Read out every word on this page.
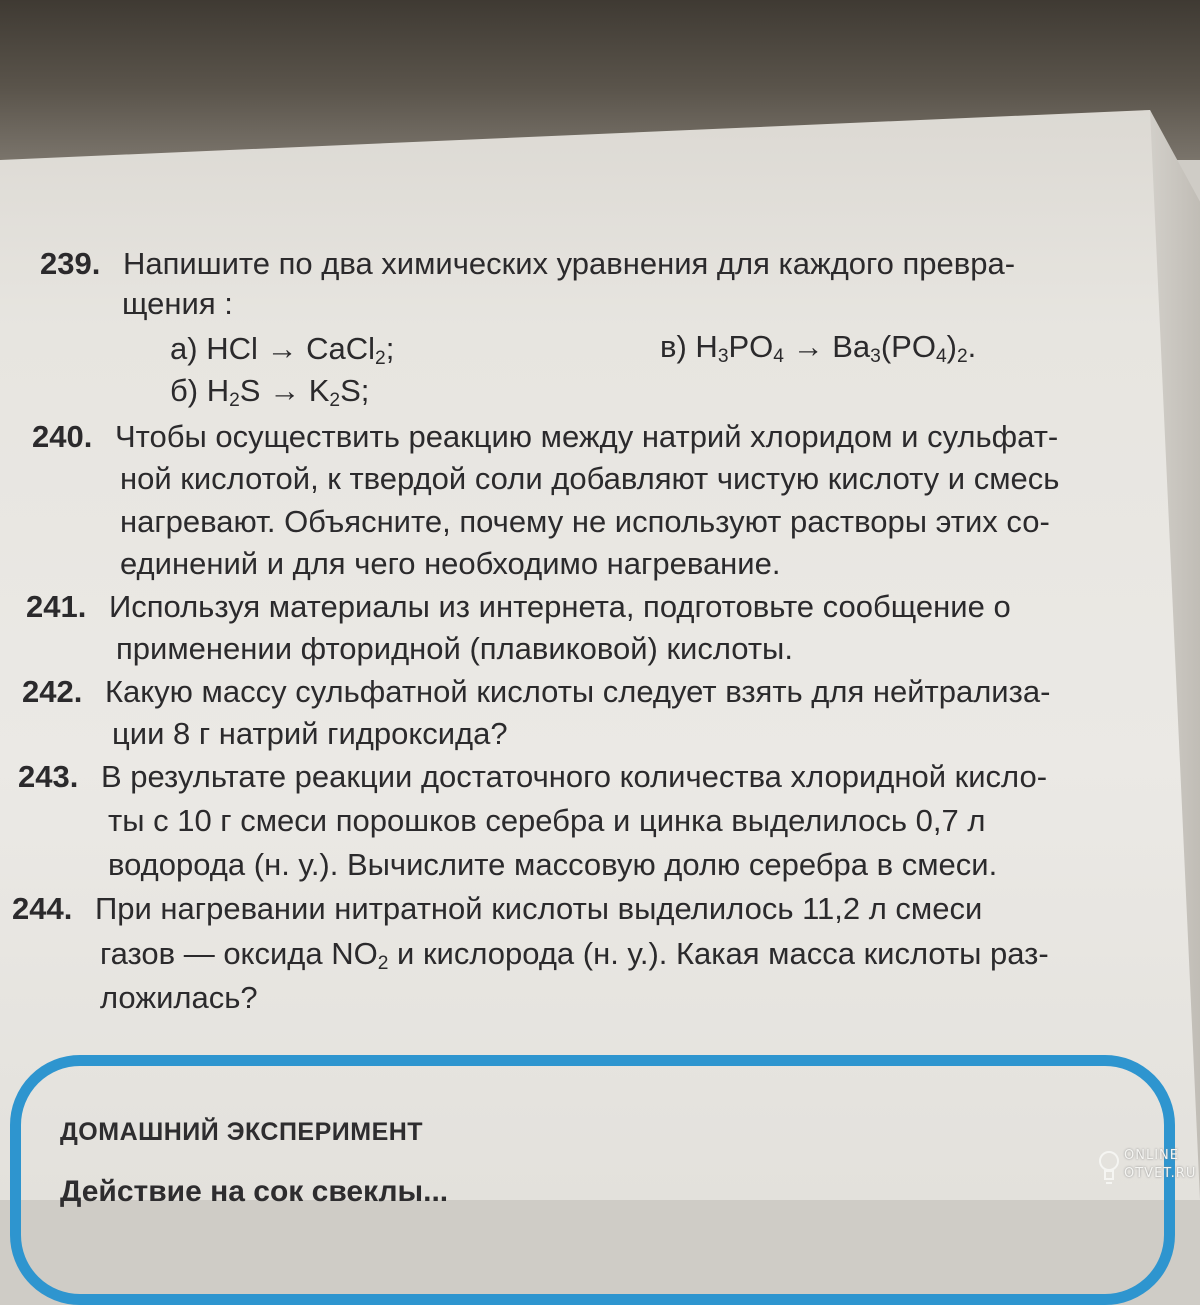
239. Напишите по два химических уравнения для каждого превра-
щения :
а) HCl → CaCl$_2$;	в) $H_3PO_4 \to Ba_3(PO_4)_2$.
б) $H_2S \to K_2S$;
240. Чтобы осуществить реакцию между натрий хлоридом и сульфат-
ной кислотой, к твердой соли добавляют чистую кислоту и смесь
нагревают. Объясните, почему не используют растворы этих со-
единений и для чего необходимо нагревание.
241. Используя материалы из интернета, подготовьте сообщение о
применении фторидной (плавиковой) кислоты.
242. Какую массу сульфатной кислоты следует взять для нейтрализа-
ции 8 г натрий гидроксида?
243. В результате реакции достаточного количества хлоридной кисло-
ты с 10 г смеси порошков серебра и цинка выделилось 0,7 л
водорода (н. у.). Вычислите массовую долю серебра в смеси.
244. При нагревании нитратной кислоты выделилось 11,2 л смеси
газов — оксида $NO_2$ и кислорода (н. у.). Какая масса кислоты раз-
ложилась?
ДОМАШНИЙ ЭКСПЕРИМЕНТ
Действие на сок свеклы...
ONLINE
OTVET.RU
